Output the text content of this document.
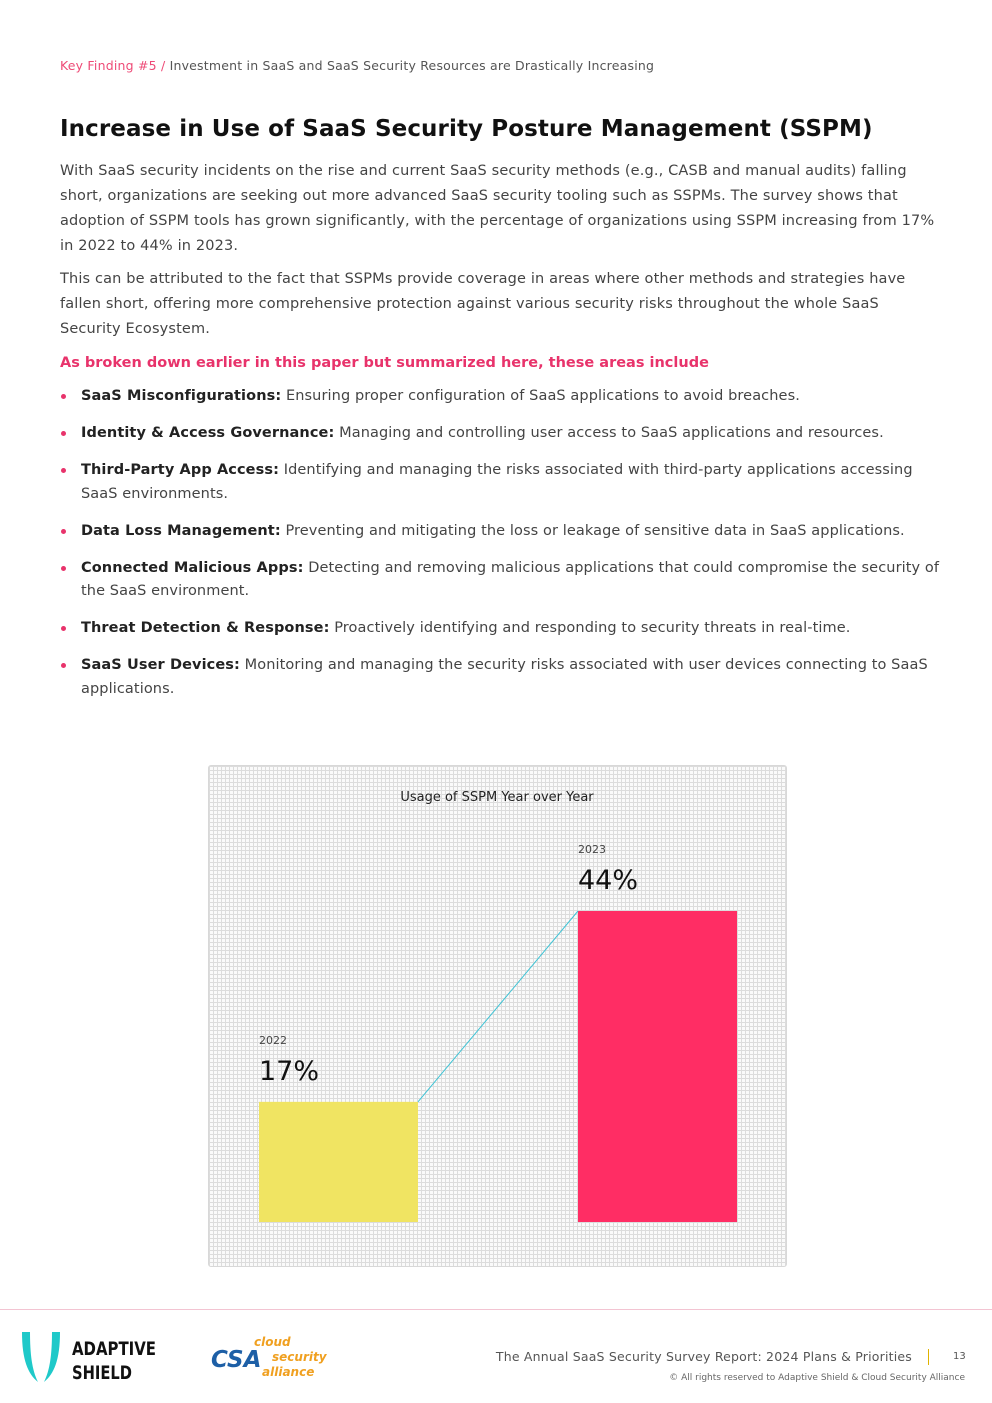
Key Finding #5 / Investment in SaaS and SaaS Security Resources are Drastically Increasing
Increase in Use of SaaS Security Posture Management (SSPM)

With SaaS security incidents on the rise and current SaaS security methods (e.g., CASB and manual audits) falling short, organizations are seeking out more advanced SaaS security tooling such as SSPMs. The survey shows that adoption of SSPM tools has grown significantly, with the percentage of organizations using SSPM increasing from 17% in 2022 to 44% in 2023.

This can be attributed to the fact that SSPMs provide coverage in areas where other methods and strategies have fallen short, offering more comprehensive protection against various security risks throughout the whole SaaS Security Ecosystem.

As broken down earlier in this paper but summarized here, these areas include

SaaS Misconfigurations: Ensuring proper configuration of SaaS applications to avoid breaches.
Identity & Access Governance: Managing and controlling user access to SaaS applications and resources.
Third-Party App Access: Identifying and managing the risks associated with third-party applications accessing SaaS environments.
Data Loss Management: Preventing and mitigating the loss or leakage of sensitive data in SaaS applications.
Connected Malicious Apps: Detecting and removing malicious applications that could compromise the security of the SaaS environment.
Threat Detection & Response: Proactively identifying and responding to security threats in real-time.
SaaS User Devices: Monitoring and managing the security risks associated with user devices connecting to SaaS applications.
Usage of SSPM Year over Year
2022
17%
2023
44%
ADAPTIVE
SHIELD	CSA
cloud
security
alliance
The Annual SaaS Security Survey Report: 2024 Plans & Priorities	13
© All rights reserved to Adaptive Shield & Cloud Security Alliance
